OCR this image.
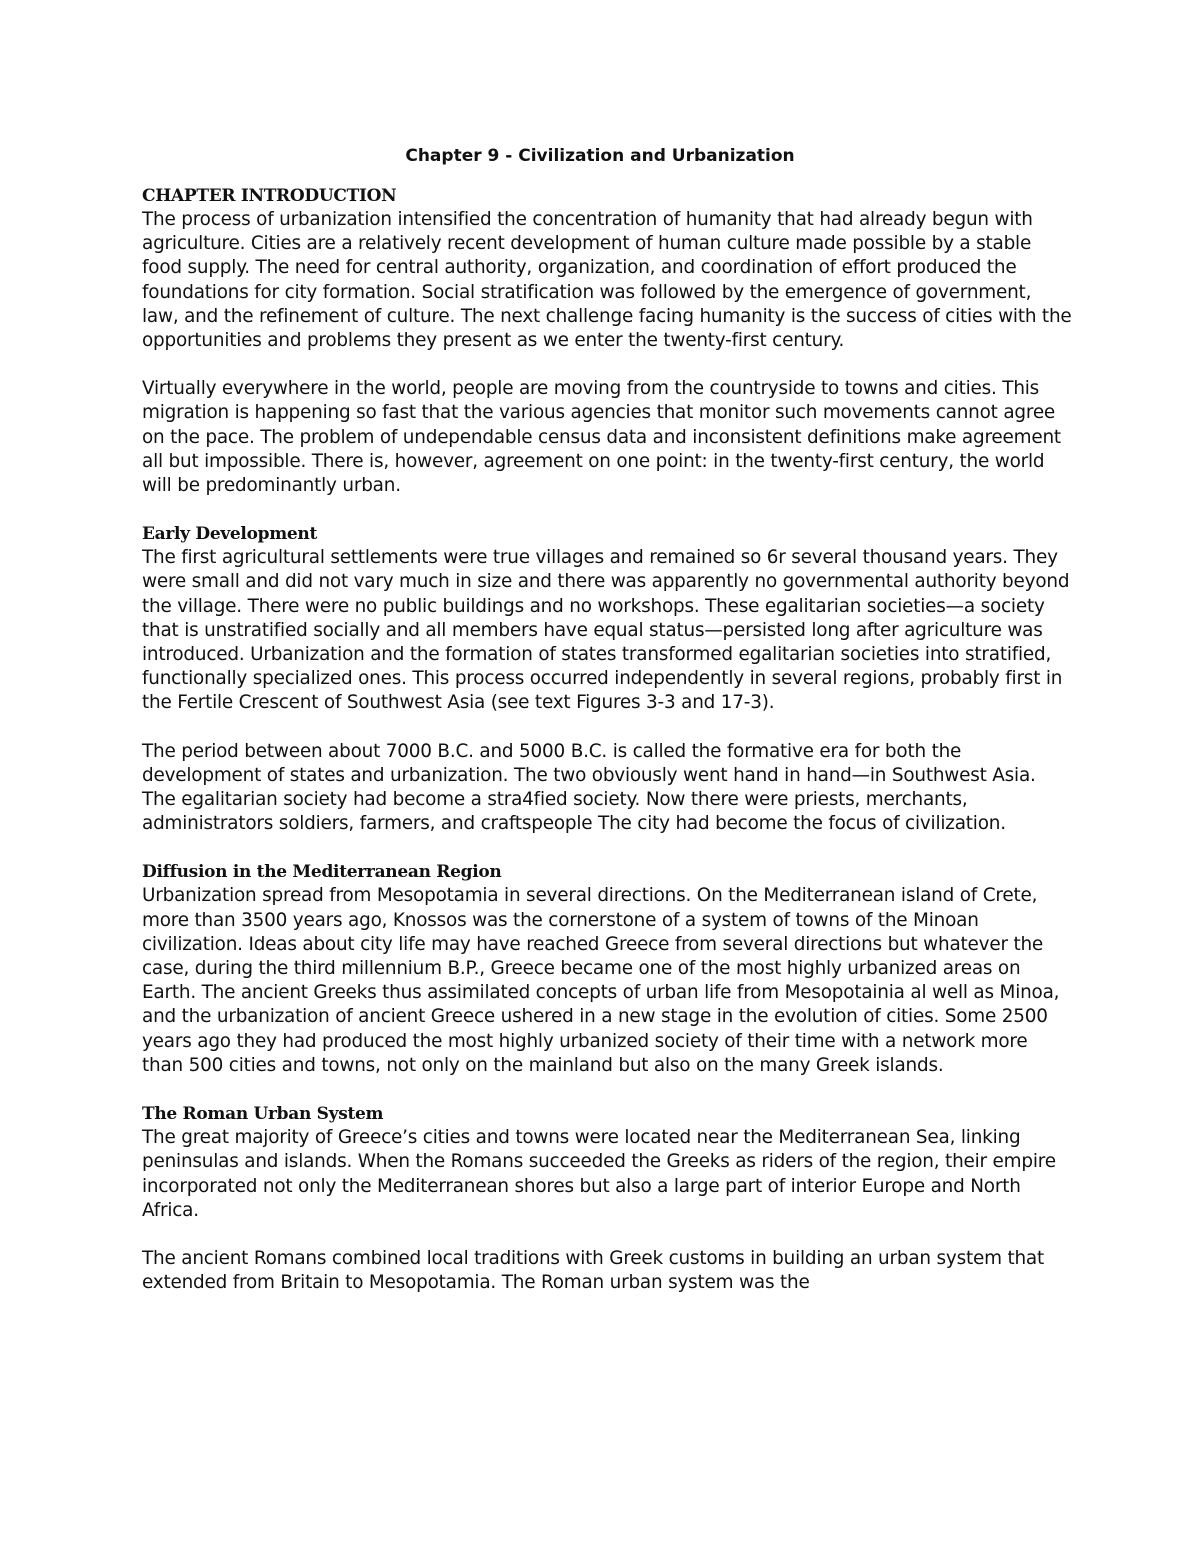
Chapter 9 - Civilization and Urbanization
CHAPTER INTRODUCTION

The process of urbanization intensified the concentration of humanity that had already begun with agriculture. Cities are a relatively recent development of human culture made possible by a stable food supply. The need for central authority, organization, and coordination of effort produced the foundations for city formation. Social stratification was followed by the emergence of government, law, and the refinement of culture. The next challenge facing humanity is the success of cities with the opportunities and problems they present as we enter the twenty-first century.

Virtually everywhere in the world, people are moving from the countryside to towns and cities. This migration is happening so fast that the various agencies that monitor such movements cannot agree on the pace. The problem of undependable census data and inconsistent definitions make agreement all but impossible. There is, however, agreement on one point: in the twenty-first century, the world will be predominantly urban.

Early Development

The first agricultural settlements were true villages and remained so 6r several thousand years. They were small and did not vary much in size and there was apparently no governmental authority beyond the village. There were no public buildings and no workshops. These egalitarian societies—a society that is unstratified socially and all members have equal status—persisted long after agriculture was introduced. Urbanization and the formation of states transformed egalitarian societies into stratified, functionally specialized ones. This process occurred independently in several regions, probably first in the Fertile Crescent of Southwest Asia (see text Figures 3-3 and 17-3).

The period between about 7000 B.C. and 5000 B.C. is called the formative era for both the development of states and urbanization. The two obviously went hand in hand—in Southwest Asia. The egalitarian society had become a stra4fied society. Now there were priests, merchants, administrators soldiers, farmers, and craftspeople The city had become the focus of civilization.

Diffusion in the Mediterranean Region

Urbanization spread from Mesopotamia in several directions. On the Mediterranean island of Crete, more than 3500 years ago, Knossos was the cornerstone of a system of towns of the Minoan civilization. Ideas about city life may have reached Greece from several directions but whatever the case, during the third millennium B.P., Greece became one of the most highly urbanized areas on Earth. The ancient Greeks thus assimilated concepts of urban life from Mesopotainia al well as Minoa, and the urbanization of ancient Greece ushered in a new stage in the evolution of cities. Some 2500 years ago they had produced the most highly urbanized society of their time with a network more than 500 cities and towns, not only on the mainland but also on the many Greek islands.

The Roman Urban System

The great majority of Greece’s cities and towns were located near the Mediterranean Sea, linking peninsulas and islands. When the Romans succeeded the Greeks as riders of the region, their empire incorporated not only the Mediterranean shores but also a large part of interior Europe and North Africa.

The ancient Romans combined local traditions with Greek customs in building an urban system that extended from Britain to Mesopotamia. The Roman urban system was the
